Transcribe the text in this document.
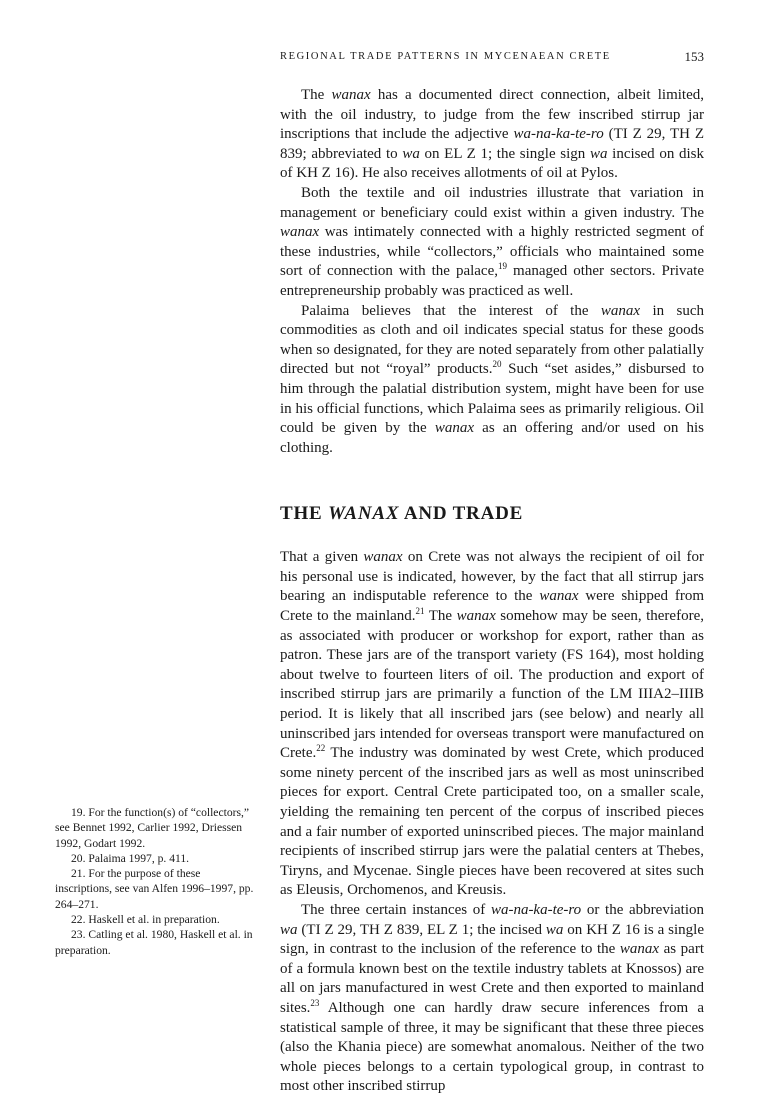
REGIONAL TRADE PATTERNS IN MYCENAEAN CRETE	153

The wanax has a documented direct connection, albeit limited, with the oil industry, to judge from the few inscribed stirrup jar inscriptions that include the adjective wa-na-ka-te-ro (TI Z 29, TH Z 839; abbreviated to wa on EL Z 1; the single sign wa incised on disk of KH Z 16). He also receives allotments of oil at Pylos.

Both the textile and oil industries illustrate that variation in management or beneficiary could exist within a given industry. The wanax was intimately connected with a highly restricted segment of these industries, while “collectors,” officials who maintained some sort of connection with the palace,$^{19}$ managed other sectors. Private entrepreneurship probably was practiced as well.

Palaima believes that the interest of the wanax in such commodities as cloth and oil indicates special status for these goods when so designated, for they are noted separately from other palatially directed but not “royal” products.$^{20}$ Such “set asides,” disbursed to him through the palatial distribution system, might have been for use in his official functions, which Palaima sees as primarily religious. Oil could be given by the wanax as an offering and/or used on his clothing.

THE WANAX AND TRADE

That a given wanax on Crete was not always the recipient of oil for his personal use is indicated, however, by the fact that all stirrup jars bearing an indisputable reference to the wanax were shipped from Crete to the mainland.$^{21}$ The wanax somehow may be seen, therefore, as associated with producer or workshop for export, rather than as patron. These jars are of the transport variety (FS 164), most holding about twelve to fourteen liters of oil. The production and export of inscribed stirrup jars are primarily a function of the LM IIIA2–IIIB period. It is likely that all inscribed jars (see below) and nearly all uninscribed jars intended for overseas transport were manufactured on Crete.$^{22}$ The industry was dominated by west Crete, which produced some ninety percent of the inscribed jars as well as most uninscribed pieces for export. Central Crete participated too, on a smaller scale, yielding the remaining ten percent of the corpus of inscribed pieces and a fair number of exported uninscribed pieces. The major mainland recipients of inscribed stirrup jars were the palatial centers at Thebes, Tiryns, and Mycenae. Single pieces have been recovered at sites such as Eleusis, Orchomenos, and Kreusis.

The three certain instances of wa-na-ka-te-ro or the abbreviation wa (TI Z 29, TH Z 839, EL Z 1; the incised wa on KH Z 16 is a single sign, in contrast to the inclusion of the reference to the wanax as part of a formula known best on the textile industry tablets at Knossos) are all on jars manufactured in west Crete and then exported to mainland sites.$^{23}$ Although one can hardly draw secure inferences from a statistical sample of three, it may be significant that these three pieces (also the Khania piece) are somewhat anomalous. Neither of the two whole pieces belongs to a certain typological group, in contrast to most other inscribed stirrup

19. For the function(s) of “collectors,” see Bennet 1992, Carlier 1992, Driessen 1992, Godart 1992.

20. Palaima 1997, p. 411.

21. For the purpose of these inscriptions, see van Alfen 1996–1997, pp. 264–271.

22. Haskell et al. in preparation.

23. Catling et al. 1980, Haskell et al. in preparation.
